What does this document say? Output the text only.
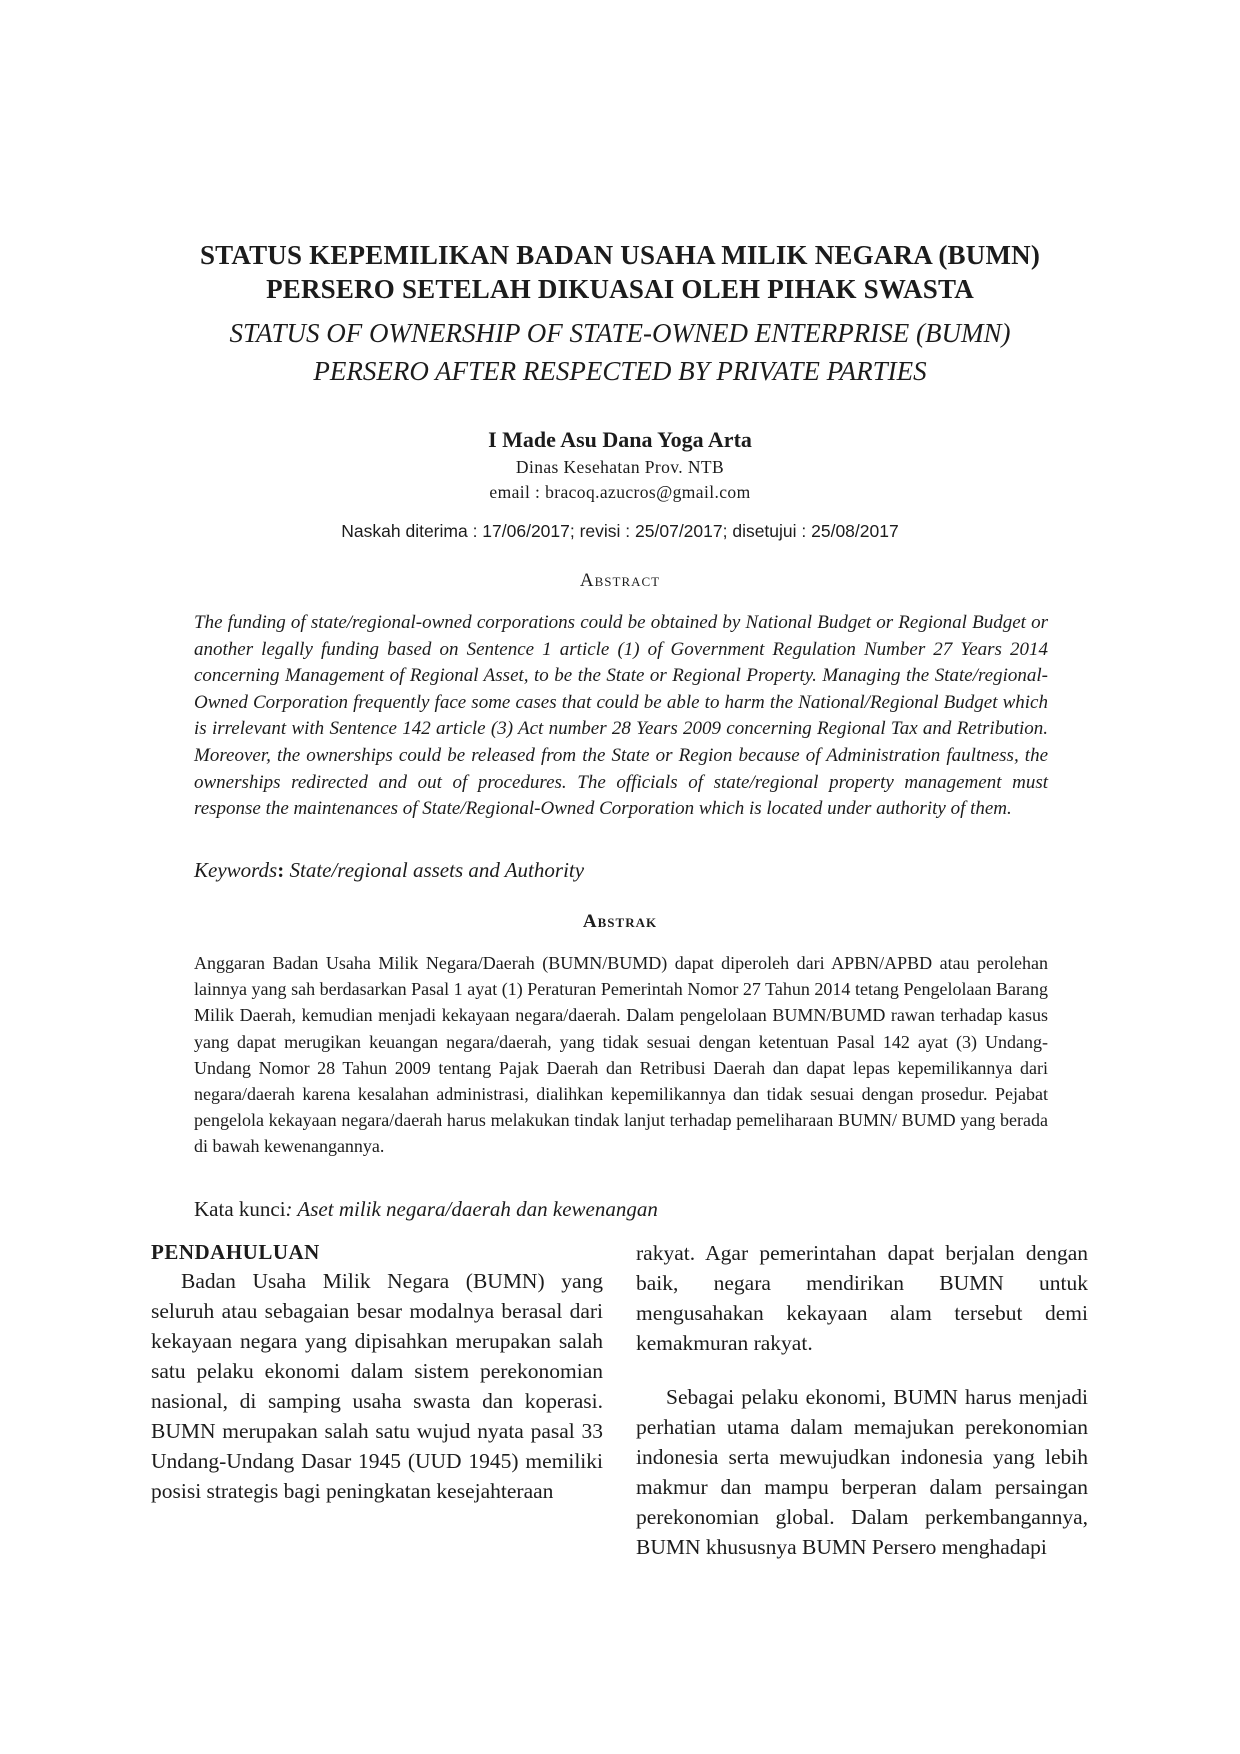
STATUS KEPEMILIKAN BADAN USAHA MILIK NEGARA (BUMN)
PERSERO SETELAH DIKUASAI OLEH PIHAK SWASTA

STATUS OF OWNERSHIP OF STATE-OWNED ENTERPRISE (BUMN)
PERSERO AFTER RESPECTED BY PRIVATE PARTIES

I Made Asu Dana Yoga Arta

Dinas Kesehatan Prov. NTB

email : bracoq.azucros@gmail.com

Naskah diterima : 17/06/2017; revisi : 25/07/2017; disetujui : 25/08/2017

Abstract

The funding of state/regional-owned corporations could be obtained by National Budget or Regional Budget or another legally funding based on Sentence 1 article (1) of Government Regulation Number 27 Years 2014 concerning Management of Regional Asset, to be the State or Regional Property. Managing the State/regional-Owned Corporation frequently face some cases that could be able to harm the National/Regional Budget which is irrelevant with Sentence 142 article (3) Act number 28 Years 2009 concerning Regional Tax and Retribution. Moreover, the ownerships could be released from the State or Region because of Administration faultness, the ownerships redirected and out of procedures. The officials of state/regional property management must response the maintenances of State/Regional-Owned Corporation which is located under authority of them.

Keywords: State/regional assets and Authority

Abstrak

Anggaran Badan Usaha Milik Negara/Daerah (BUMN/BUMD) dapat diperoleh dari APBN/APBD atau perolehan lainnya yang sah berdasarkan Pasal 1 ayat (1) Peraturan Pemerintah Nomor 27 Tahun 2014 tetang Pengelolaan Barang Milik Daerah, kemudian menjadi kekayaan negara/daerah. Dalam pengelolaan BUMN/BUMD rawan terhadap kasus yang dapat merugikan keuangan negara/daerah, yang tidak sesuai dengan ketentuan Pasal 142 ayat (3) Undang-Undang Nomor 28 Tahun 2009 tentang Pajak Daerah dan Retribusi Daerah dan dapat lepas kepemilikannya dari negara/daerah karena kesalahan administrasi, dialihkan kepemilikannya dan tidak sesuai dengan prosedur. Pejabat pengelola kekayaan negara/daerah harus melakukan tindak lanjut terhadap pemeliharaan BUMN/ BUMD yang berada di bawah kewenangannya.

Kata kunci: Aset milik negara/daerah dan kewenangan

PENDAHULUAN

Badan Usaha Milik Negara (BUMN) yang seluruh atau sebagaian besar modalnya berasal dari kekayaan negara yang dipisahkan merupakan salah satu pelaku ekonomi dalam sistem perekonomian nasional, di samping usaha swasta dan koperasi. BUMN merupakan salah satu wujud nyata pasal 33 Undang-Undang Dasar 1945 (UUD 1945) memiliki posisi strategis bagi peningkatan kesejahteraan

rakyat. Agar pemerintahan dapat berjalan dengan baik, negara mendirikan BUMN untuk mengusahakan kekayaan alam tersebut demi kemakmuran rakyat.

Sebagai pelaku ekonomi, BUMN harus menjadi perhatian utama dalam memajukan perekonomian indonesia serta mewujudkan indonesia yang lebih makmur dan mampu berperan dalam persaingan perekonomian global. Dalam perkembangannya, BUMN khususnya BUMN Persero menghadapi
